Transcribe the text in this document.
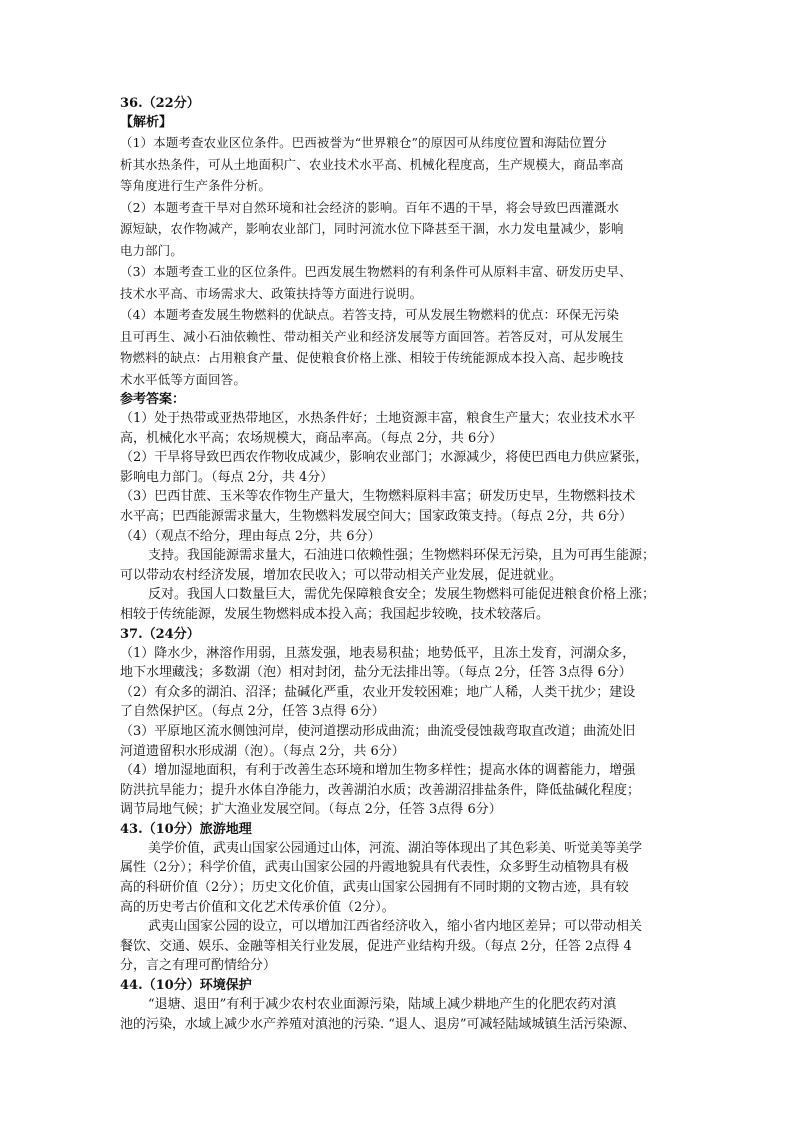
36.（22分）
【解析】
（1）本题考查农业区位条件。巴西被誉为“世界粮仓”的原因可从纬度位置和海陆位置分
析其水热条件，可从土地面积广、农业技术水平高、机械化程度高，生产规模大，商品率高
等角度进行生产条件分析。
（2）本题考查干旱对自然环境和社会经济的影响。百年不遇的干旱，将会导致巴西灌溉水
源短缺，农作物减产，影响农业部门，同时河流水位下降甚至干涸，水力发电量减少，影响
电力部门。
（3）本题考查工业的区位条件。巴西发展生物燃料的有利条件可从原料丰富、研发历史早、
技术水平高、市场需求大、政策扶持等方面进行说明。
（4）本题考查发展生物燃料的优缺点。若答支持，可从发展生物燃料的优点：环保无污染
且可再生、减小石油依赖性、带动相关产业和经济发展等方面回答。若答反对，可从发展生
物燃料的缺点：占用粮食产量、促使粮食价格上涨、相较于传统能源成本投入高、起步晚技
术水平低等方面回答。
参考答案：
（1）处于热带或亚热带地区，水热条件好；土地资源丰富，粮食生产量大；农业技术水平
高，机械化水平高；农场规模大，商品率高。（每点 2分，共 6分）
（2）干旱将导致巴西农作物收成减少，影响农业部门；水源减少，将使巴西电力供应紧张，
影响电力部门。（每点 2分，共 4分）
（3）巴西甘蔗、玉米等农作物生产量大，生物燃料原料丰富；研发历史早，生物燃料技术
水平高；巴西能源需求量大，生物燃料发展空间大；国家政策支持。（每点 2分，共 6分）
（4）（观点不给分，理由每点 2分，共 6分）
支持。我国能源需求量大，石油进口依赖性强；生物燃料环保无污染，且为可再生能源；
可以带动农村经济发展，增加农民收入；可以带动相关产业发展，促进就业。
反对。我国人口数量巨大，需优先保障粮食安全；发展生物燃料可能促进粮食价格上涨；
相较于传统能源，发展生物燃料成本投入高；我国起步较晚，技术较落后。
37.（24分）
（1）降水少，淋溶作用弱，且蒸发强，地表易积盐；地势低平，且冻土发育，河湖众多，
地下水埋藏浅；多数湖（泡）相对封闭，盐分无法排出等。（每点 2分，任答 3点得 6分）
（2）有众多的湖泊、沼泽；盐碱化严重，农业开发较困难；地广人稀，人类干扰少；建设
了自然保护区。（每点 2分，任答 3点得 6分）
（3）平原地区流水侧蚀河岸，使河道摆动形成曲流；曲流受侵蚀裁弯取直改道；曲流处旧
河道遗留积水形成湖（泡）。（每点 2分，共 6分）
（4）增加湿地面积，有利于改善生态环境和增加生物多样性；提高水体的调蓄能力，增强
防洪抗旱能力；提升水体自净能力，改善湖泊水质；改善湖沼排盐条件，降低盐碱化程度；
调节局地气候；扩大渔业发展空间。（每点 2分，任答 3点得 6分）
43.（10分）旅游地理
美学价值，武夷山国家公园通过山体，河流、湖泊等体现出了其色彩美、听觉美等美学
属性（2分）；科学价值，武夷山国家公园的丹霞地貌具有代表性，众多野生动植物具有极
高的科研价值（2分）；历史文化价值，武夷山国家公园拥有不同时期的文物古迹，具有较
高的历史考古价值和文化艺术传承价值（2分）。
武夷山国家公园的设立，可以增加江西省经济收入，缩小省内地区差异；可以带动相关
餐饮、交通、娱乐、金融等相关行业发展，促进产业结构升级。（每点 2分，任答 2点得 4
分，言之有理可酌情给分）
44.（10分）环境保护
“退塘、退田”有利于减少农村农业面源污染，陆域上减少耕地产生的化肥农药对滇
池的污染，水域上减少水产养殖对滇池的污染. “退人、退房”可减轻陆域城镇生活污染源、
